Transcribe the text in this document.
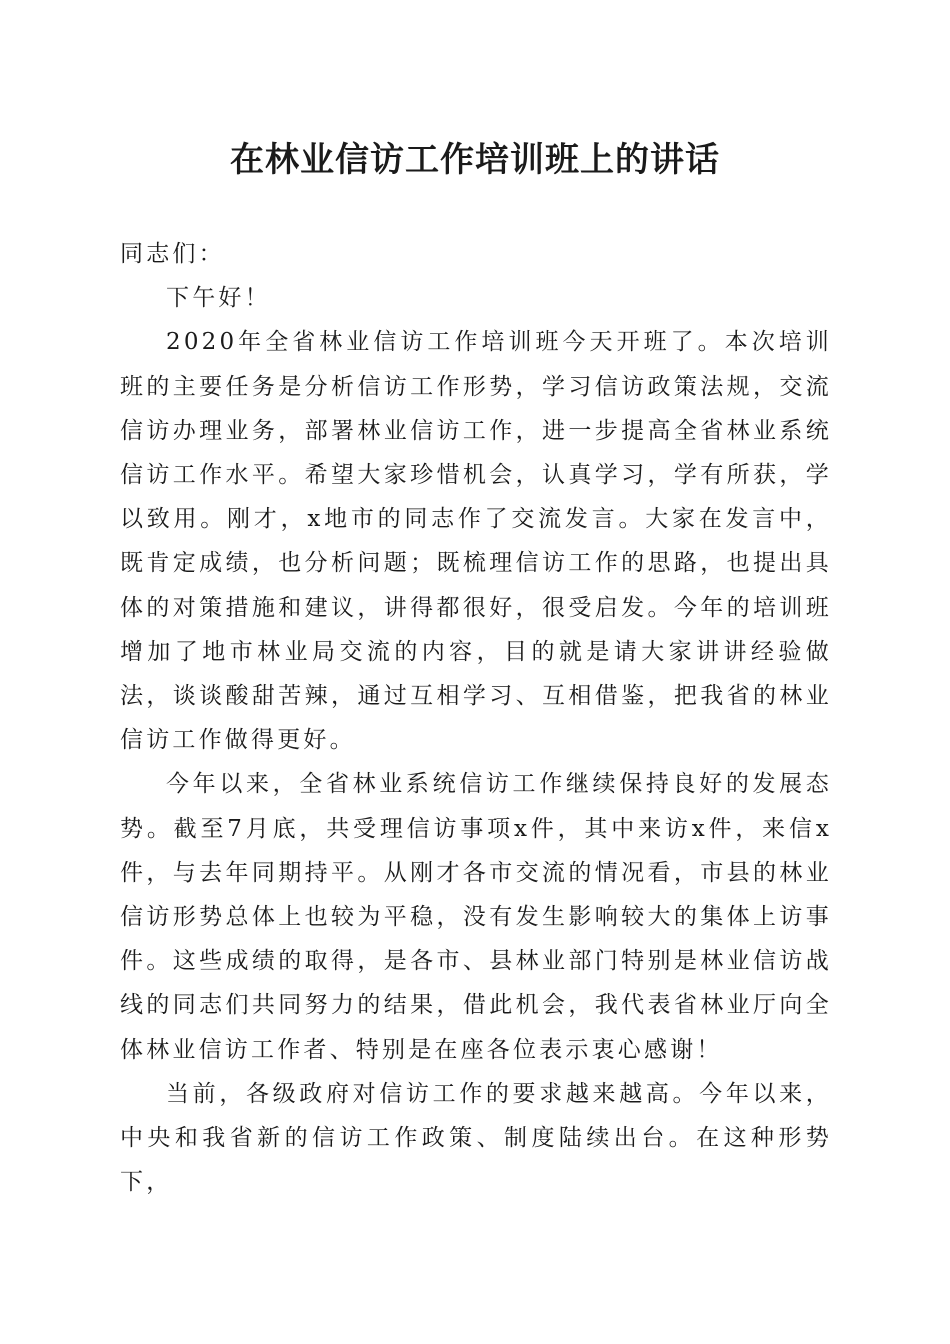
在林业信访工作培训班上的讲话

同志们：

下午好！

2020年全省林业信访工作培训班今天开班了。本次培训班的主要任务是分析信访工作形势，学习信访政策法规，交流信访办理业务，部署林业信访工作，进一步提高全省林业系统信访工作水平。希望大家珍惜机会，认真学习，学有所获，学以致用。刚才，x地市的同志作了交流发言。大家在发言中，既肯定成绩，也分析问题；既梳理信访工作的思路，也提出具体的对策措施和建议，讲得都很好，很受启发。今年的培训班增加了地市林业局交流的内容，目的就是请大家讲讲经验做法，谈谈酸甜苦辣，通过互相学习、互相借鉴，把我省的林业信访工作做得更好。

今年以来，全省林业系统信访工作继续保持良好的发展态势。截至7月底，共受理信访事项x件，其中来访x件，来信x件，与去年同期持平。从刚才各市交流的情况看，市县的林业信访形势总体上也较为平稳，没有发生影响较大的集体上访事件。这些成绩的取得，是各市、县林业部门特别是林业信访战线的同志们共同努力的结果，借此机会，我代表省林业厅向全体林业信访工作者、特别是在座各位表示衷心感谢！

当前，各级政府对信访工作的要求越来越高。今年以来，中央和我省新的信访工作政策、制度陆续出台。在这种形势下，
